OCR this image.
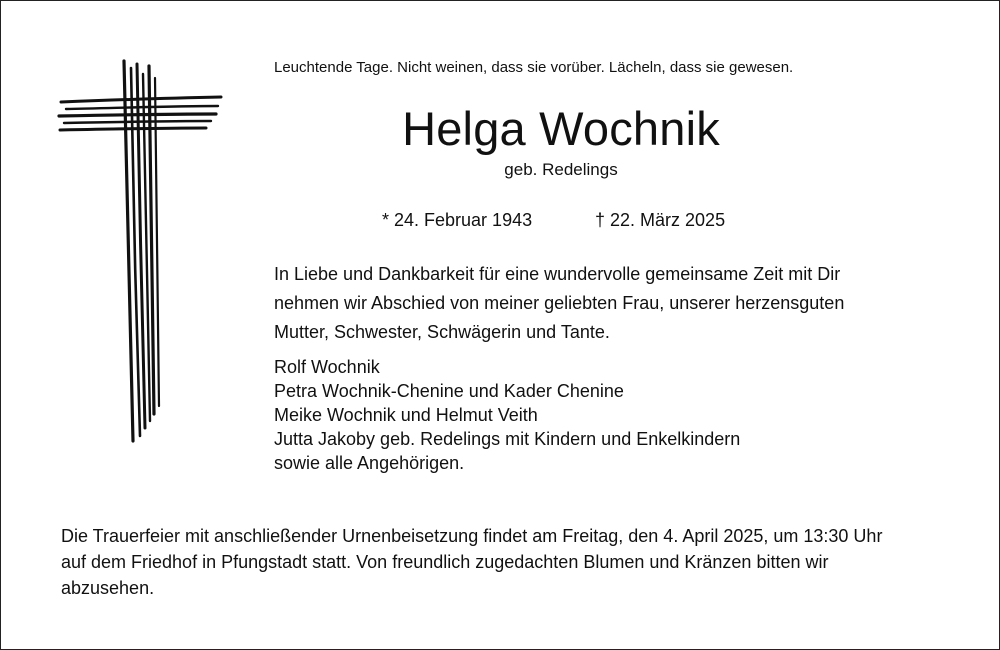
Leuchtende Tage. Nicht weinen, dass sie vorüber. Lächeln, dass sie gewesen.
Helga Wochnik
geb. Redelings
* 24. Februar 1943	† 22. März 2025
In Liebe und Dankbarkeit für eine wundervolle gemeinsame Zeit mit Dir
nehmen wir Abschied von meiner geliebten Frau, unserer herzensguten
Mutter, Schwester, Schwägerin und Tante.
Rolf Wochnik
Petra Wochnik-Chenine und Kader Chenine
Meike Wochnik und Helmut Veith
Jutta Jakoby geb. Redelings mit Kindern und Enkelkindern
sowie alle Angehörigen.
Die Trauerfeier mit anschließender Urnenbeisetzung findet am Freitag, den 4. April 2025, um 13:30 Uhr
auf dem Friedhof in Pfungstadt statt. Von freundlich zugedachten Blumen und Kränzen bitten wir
abzusehen.
